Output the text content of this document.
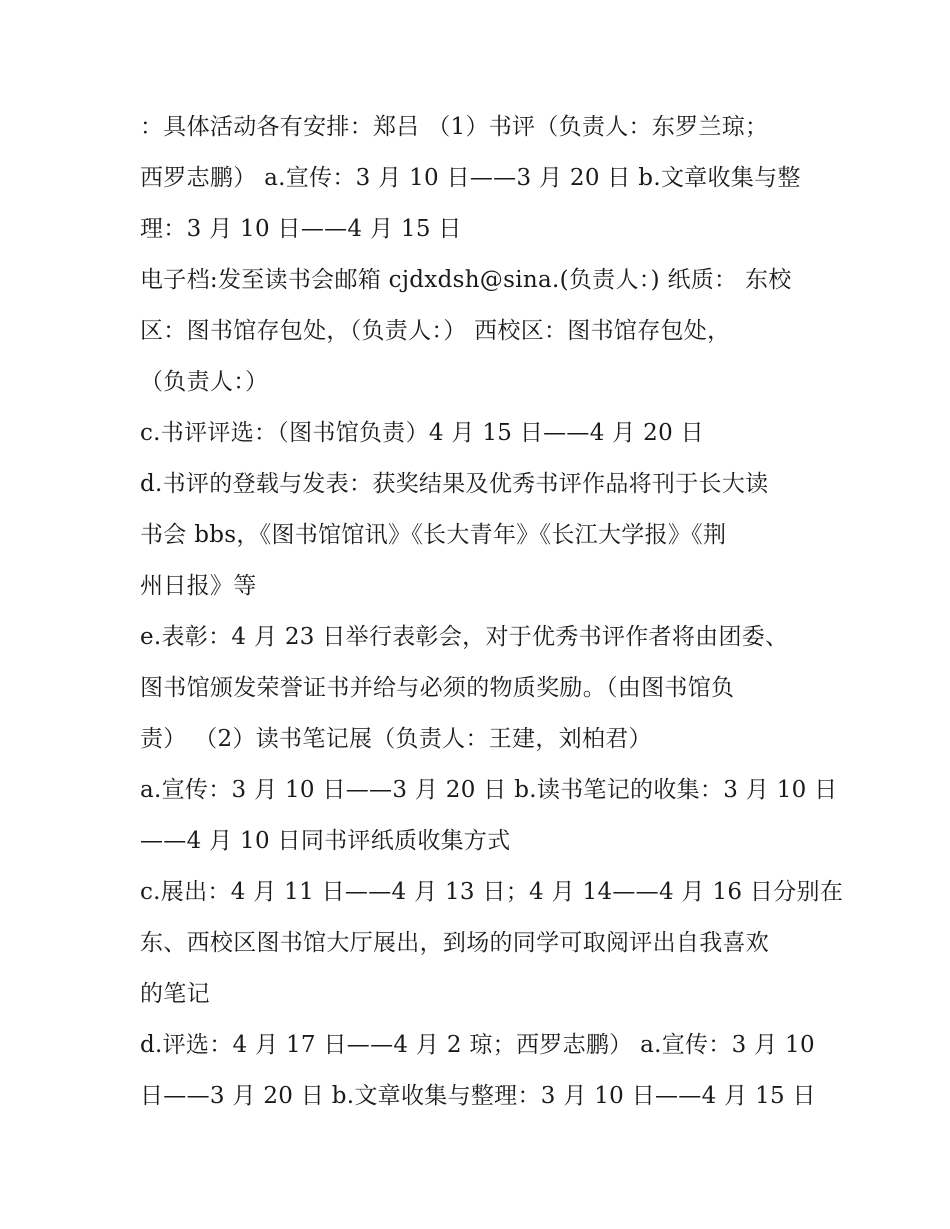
：具体活动各有安排：郑吕 （1）书评（负责人：东罗兰琼；
西罗志鹏） a.宣传：3 月 10 日——3 月 20 日 b.文章收集与整
理：3 月 10 日——4 月 15 日
电子档:发至读书会邮箱 cjdxdsh@sina.(负责人：) 纸质： 东校
区：图书馆存包处，（负责人：） 西校区：图书馆存包处，
（负责人：）
c.书评评选：（图书馆负责）4 月 15 日——4 月 20 日
d.书评的登载与发表：获奖结果及优秀书评作品将刊于长大读
书会 bbs，《图书馆馆讯》《长大青年》《长江大学报》《荆
州日报》等
e.表彰：4 月 23 日举行表彰会，对于优秀书评作者将由团委、
图书馆颁发荣誉证书并给与必须的物质奖励。（由图书馆负
责） （2）读书笔记展（负责人：王建，刘柏君）
a.宣传：3 月 10 日——3 月 20 日 b.读书笔记的收集：3 月 10 日
——4 月 10 日同书评纸质收集方式
c.展出：4 月 11 日——4 月 13 日；4 月 14——4 月 16 日分别在
东、西校区图书馆大厅展出，到场的同学可取阅评出自我喜欢
的笔记
d.评选：4 月 17 日——4 月 2 琼；西罗志鹏） a.宣传：3 月 10
日——3 月 20 日 b.文章收集与整理：3 月 10 日——4 月 15 日
